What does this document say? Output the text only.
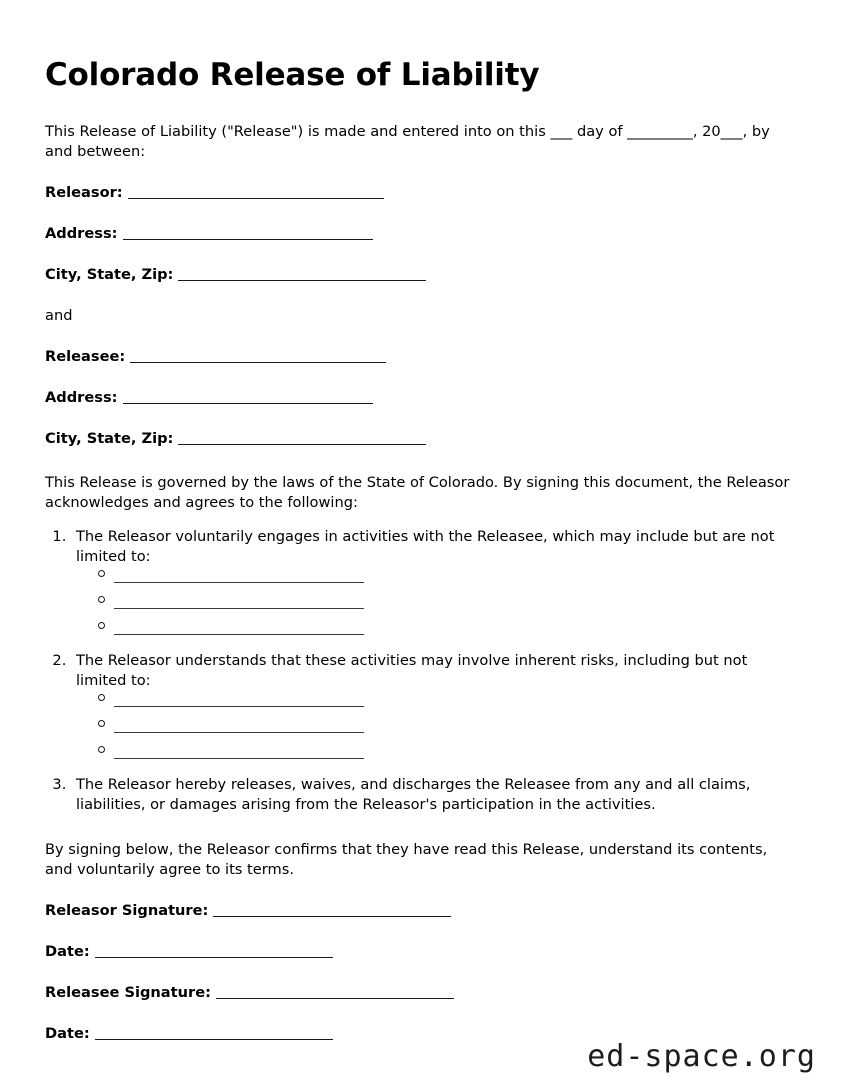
Colorado Release of Liability

This Release of Liability ("Release") is made and entered into on this ___ day of _________, 20___, by and between:

Releasor:
Address:
City, State, Zip:
and
Releasee:
Address:
City, State, Zip:

This Release is governed by the laws of the State of Colorado. By signing this document, the Releasor acknowledges and agrees to the following:

1. The Releasor voluntarily engages in activities with the Releasee, which may include but are not limited to:
2. The Releasor understands that these activities may involve inherent risks, including but not limited to:
3. The Releasor hereby releases, waives, and discharges the Releasee from any and all claims, liabilities, or damages arising from the Releasor's participation in the activities.

By signing below, the Releasor confirms that they have read this Release, understand its contents, and voluntarily agree to its terms.

Releasor Signature:
Date:
Releasee Signature:
Date:
ed-space.org
